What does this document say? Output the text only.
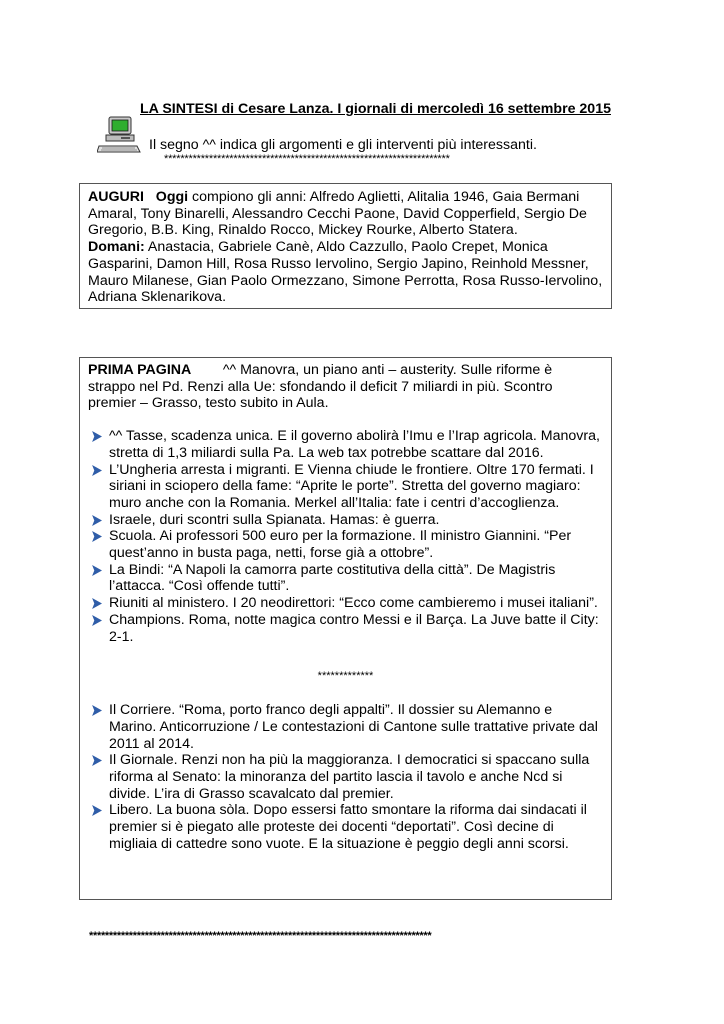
LA SINTESI di Cesare Lanza. I giornali di mercoledì 16 settembre 2015
Il segno ^^ indica gli argomenti e gli interventi più interessanti.
**********************************************************************
AUGURI Oggi compiono gli anni: Alfredo Aglietti, Alitalia 1946, Gaia Bermani Amaral, Tony Binarelli, Alessandro Cecchi Paone, David Copperfield, Sergio De Gregorio, B.B. King, Rinaldo Rocco, Mickey Rourke, Alberto Statera.
Domani: Anastacia, Gabriele Canè, Aldo Cazzullo, Paolo Crepet, Monica Gasparini, Damon Hill, Rosa Russo Iervolino, Sergio Japino, Reinhold Messner, Mauro Milanese, Gian Paolo Ormezzano, Simone Perrotta, Rosa Russo-Iervolino, Adriana Sklenarikova.
PRIMA PAGINA ^^ Manovra, un piano anti – austerity. Sulle riforme è strappo nel Pd. Renzi alla Ue: sfondando il deficit 7 miliardi in più. Scontro premier – Grasso, testo subito in Aula.
^^ Tasse, scadenza unica. E il governo abolirà l’Imu e l’Irap agricola. Manovra, stretta di 1,3 miliardi sulla Pa. La web tax potrebbe scattare dal 2016.
L’Ungheria arresta i migranti. E Vienna chiude le frontiere. Oltre 170 fermati. I siriani in sciopero della fame: “Aprite le porte”. Stretta del governo magiaro: muro anche con la Romania. Merkel all’Italia: fate i centri d’accoglienza.
Israele, duri scontri sulla Spianata. Hamas: è guerra.
Scuola. Ai professori 500 euro per la formazione. Il ministro Giannini. “Per quest’anno in busta paga, netti, forse già a ottobre”.
La Bindi: “A Napoli la camorra parte costitutiva della città”. De Magistris l’attacca. “Così offende tutti”.
Riuniti al ministero. I 20 neodirettori: “Ecco come cambieremo i musei italiani”.
Champions. Roma, notte magica contro Messi e il Barça. La Juve batte il City: 2-1.
*************
Il Corriere. “Roma, porto franco degli appalti”. Il dossier su Alemanno e Marino. Anticorruzione / Le contestazioni di Cantone sulle trattative private dal 2011 al 2014.
Il Giornale. Renzi non ha più la maggioranza. I democratici si spaccano sulla riforma al Senato: la minoranza del partito lascia il tavolo e anche Ncd si divide. L’ira di Grasso scavalcato dal premier.
Libero. La buona sòla. Dopo essersi fatto smontare la riforma dai sindacati il premier si è piegato alle proteste dei docenti “deportati”. Così decine di migliaia di cattedre sono vuote. E la situazione è peggio degli anni scorsi.
**************************************************************************************
